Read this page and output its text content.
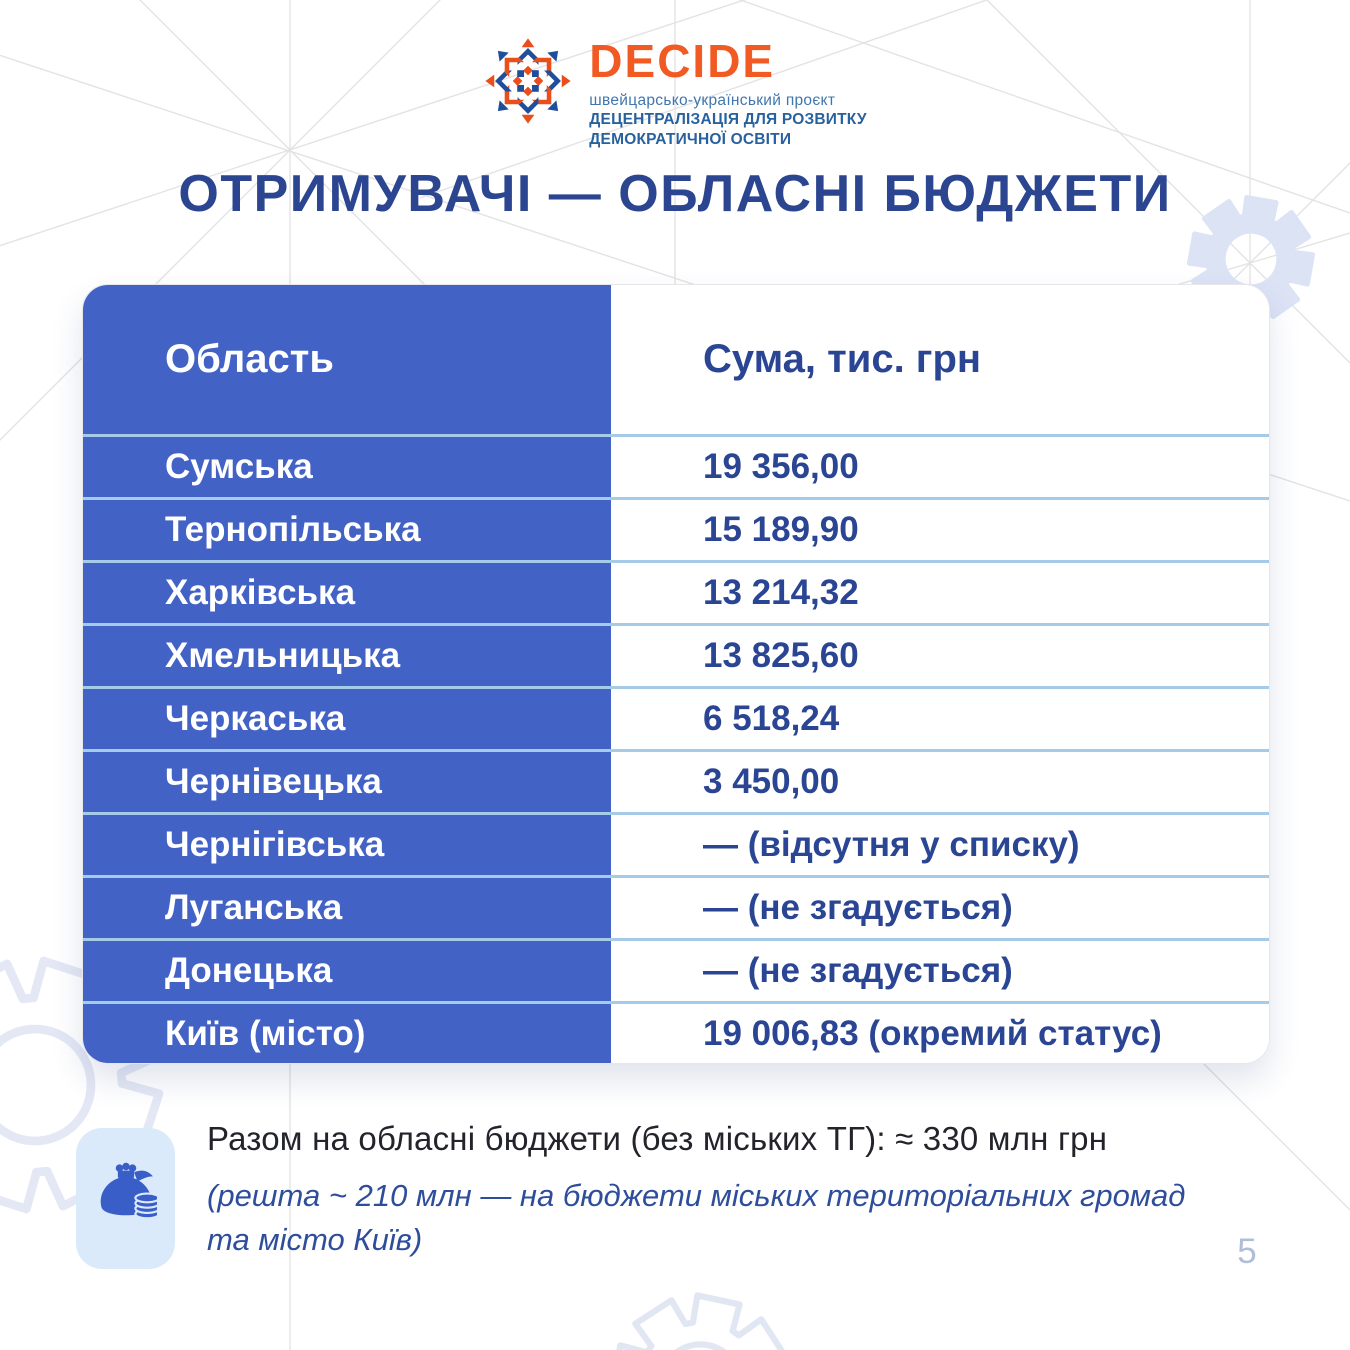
DECIDE
швейцарсько-український проєкт
ДЕЦЕНТРАЛІЗАЦІЯ ДЛЯ РОЗВИТКУ
ДЕМОКРАТИЧНОЇ ОСВІТИ
ОТРИМУВАЧІ — ОБЛАСНІ БЮДЖЕТИ
Область	Сума, тис. грн
Сумська	19 356,00
Тернопільська	15 189,90
Харківська	13 214,32
Хмельницька	13 825,60
Черкаська	6 518,24
Чернівецька	3 450,00
Чернігівська	— (відсутня у списку)
Луганська	— (не згадується)
Донецька	— (не згадується)
Київ (місто)	19 006,83 (окремий статус)
Разом на обласні бюджети (без міських ТГ): ≈ 330 млн грн
(решта ~ 210 млн — на бюджети міських територіальних громад
та місто Київ)	5
